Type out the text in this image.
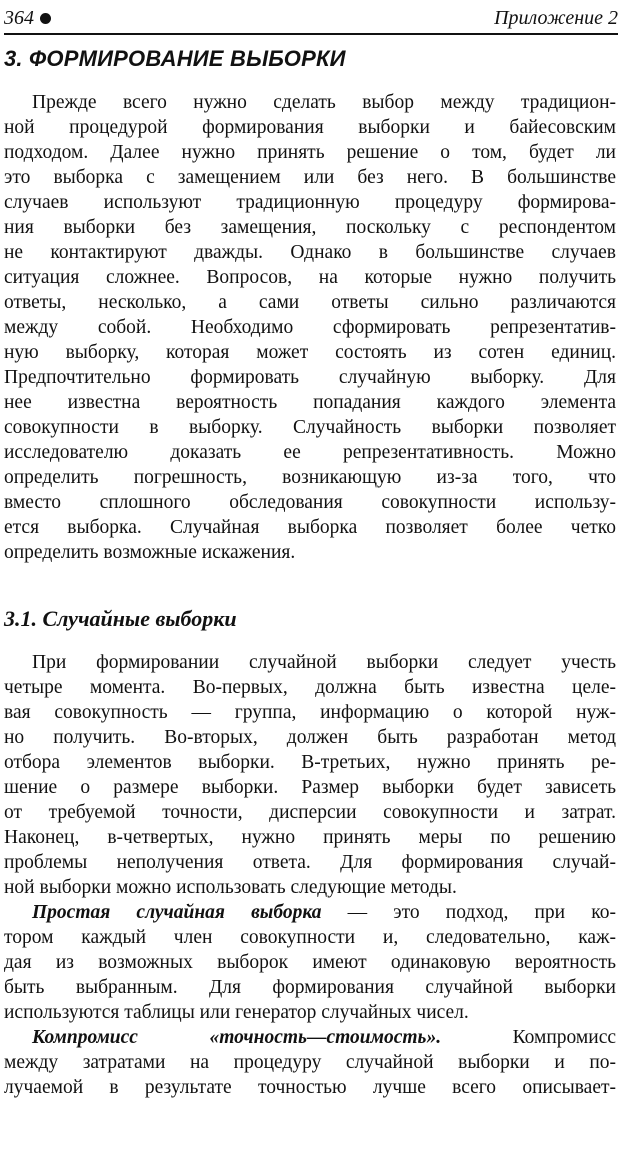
364	Приложение 2
3. ФОРМИРОВАНИЕ ВЫБОРКИ
Прежде всего нужно сделать выбор между традицион-
ной процедурой формирования выборки и байесовским
подходом. Далее нужно принять решение о том, будет ли
это выборка с замещением или без него. В большинстве
случаев используют традиционную процедуру формирова-
ния выборки без замещения, поскольку с респондентом
не контактируют дважды. Однако в большинстве случаев
ситуация сложнее. Вопросов, на которые нужно получить
ответы, несколько, а сами ответы сильно различаются
между собой. Необходимо сформировать репрезентатив-
ную выборку, которая может состоять из сотен единиц.
Предпочтительно формировать случайную выборку. Для
нее известна вероятность попадания каждого элемента
совокупности в выборку. Случайность выборки позволяет
исследователю доказать ее репрезентативность. Можно
определить погрешность, возникающую из-за того, что
вместо сплошного обследования совокупности использу-
ется выборка. Случайная выборка позволяет более четко
определить возможные искажения.
3.1. Случайные выборки
При формировании случайной выборки следует учесть
четыре момента. Во-первых, должна быть известна целе-
вая совокупность — группа, информацию о которой нуж-
но получить. Во-вторых, должен быть разработан метод
отбора элементов выборки. В-третьих, нужно принять ре-
шение о размере выборки. Размер выборки будет зависеть
от требуемой точности, дисперсии совокупности и затрат.
Наконец, в-четвертых, нужно принять меры по решению
проблемы неполучения ответа. Для формирования случай-
ной выборки можно использовать следующие методы.
Простая случайная выборка — это подход, при ко-
тором каждый член совокупности и, следовательно, каж-
дая из возможных выборок имеют одинаковую вероятность
быть выбранным. Для формирования случайной выборки
используются таблицы или генератор случайных чисел.
Компромисс «точность—стоимость». Компромисс
между затратами на процедуру случайной выборки и по-
лучаемой в результате точностью лучше всего описывает-
